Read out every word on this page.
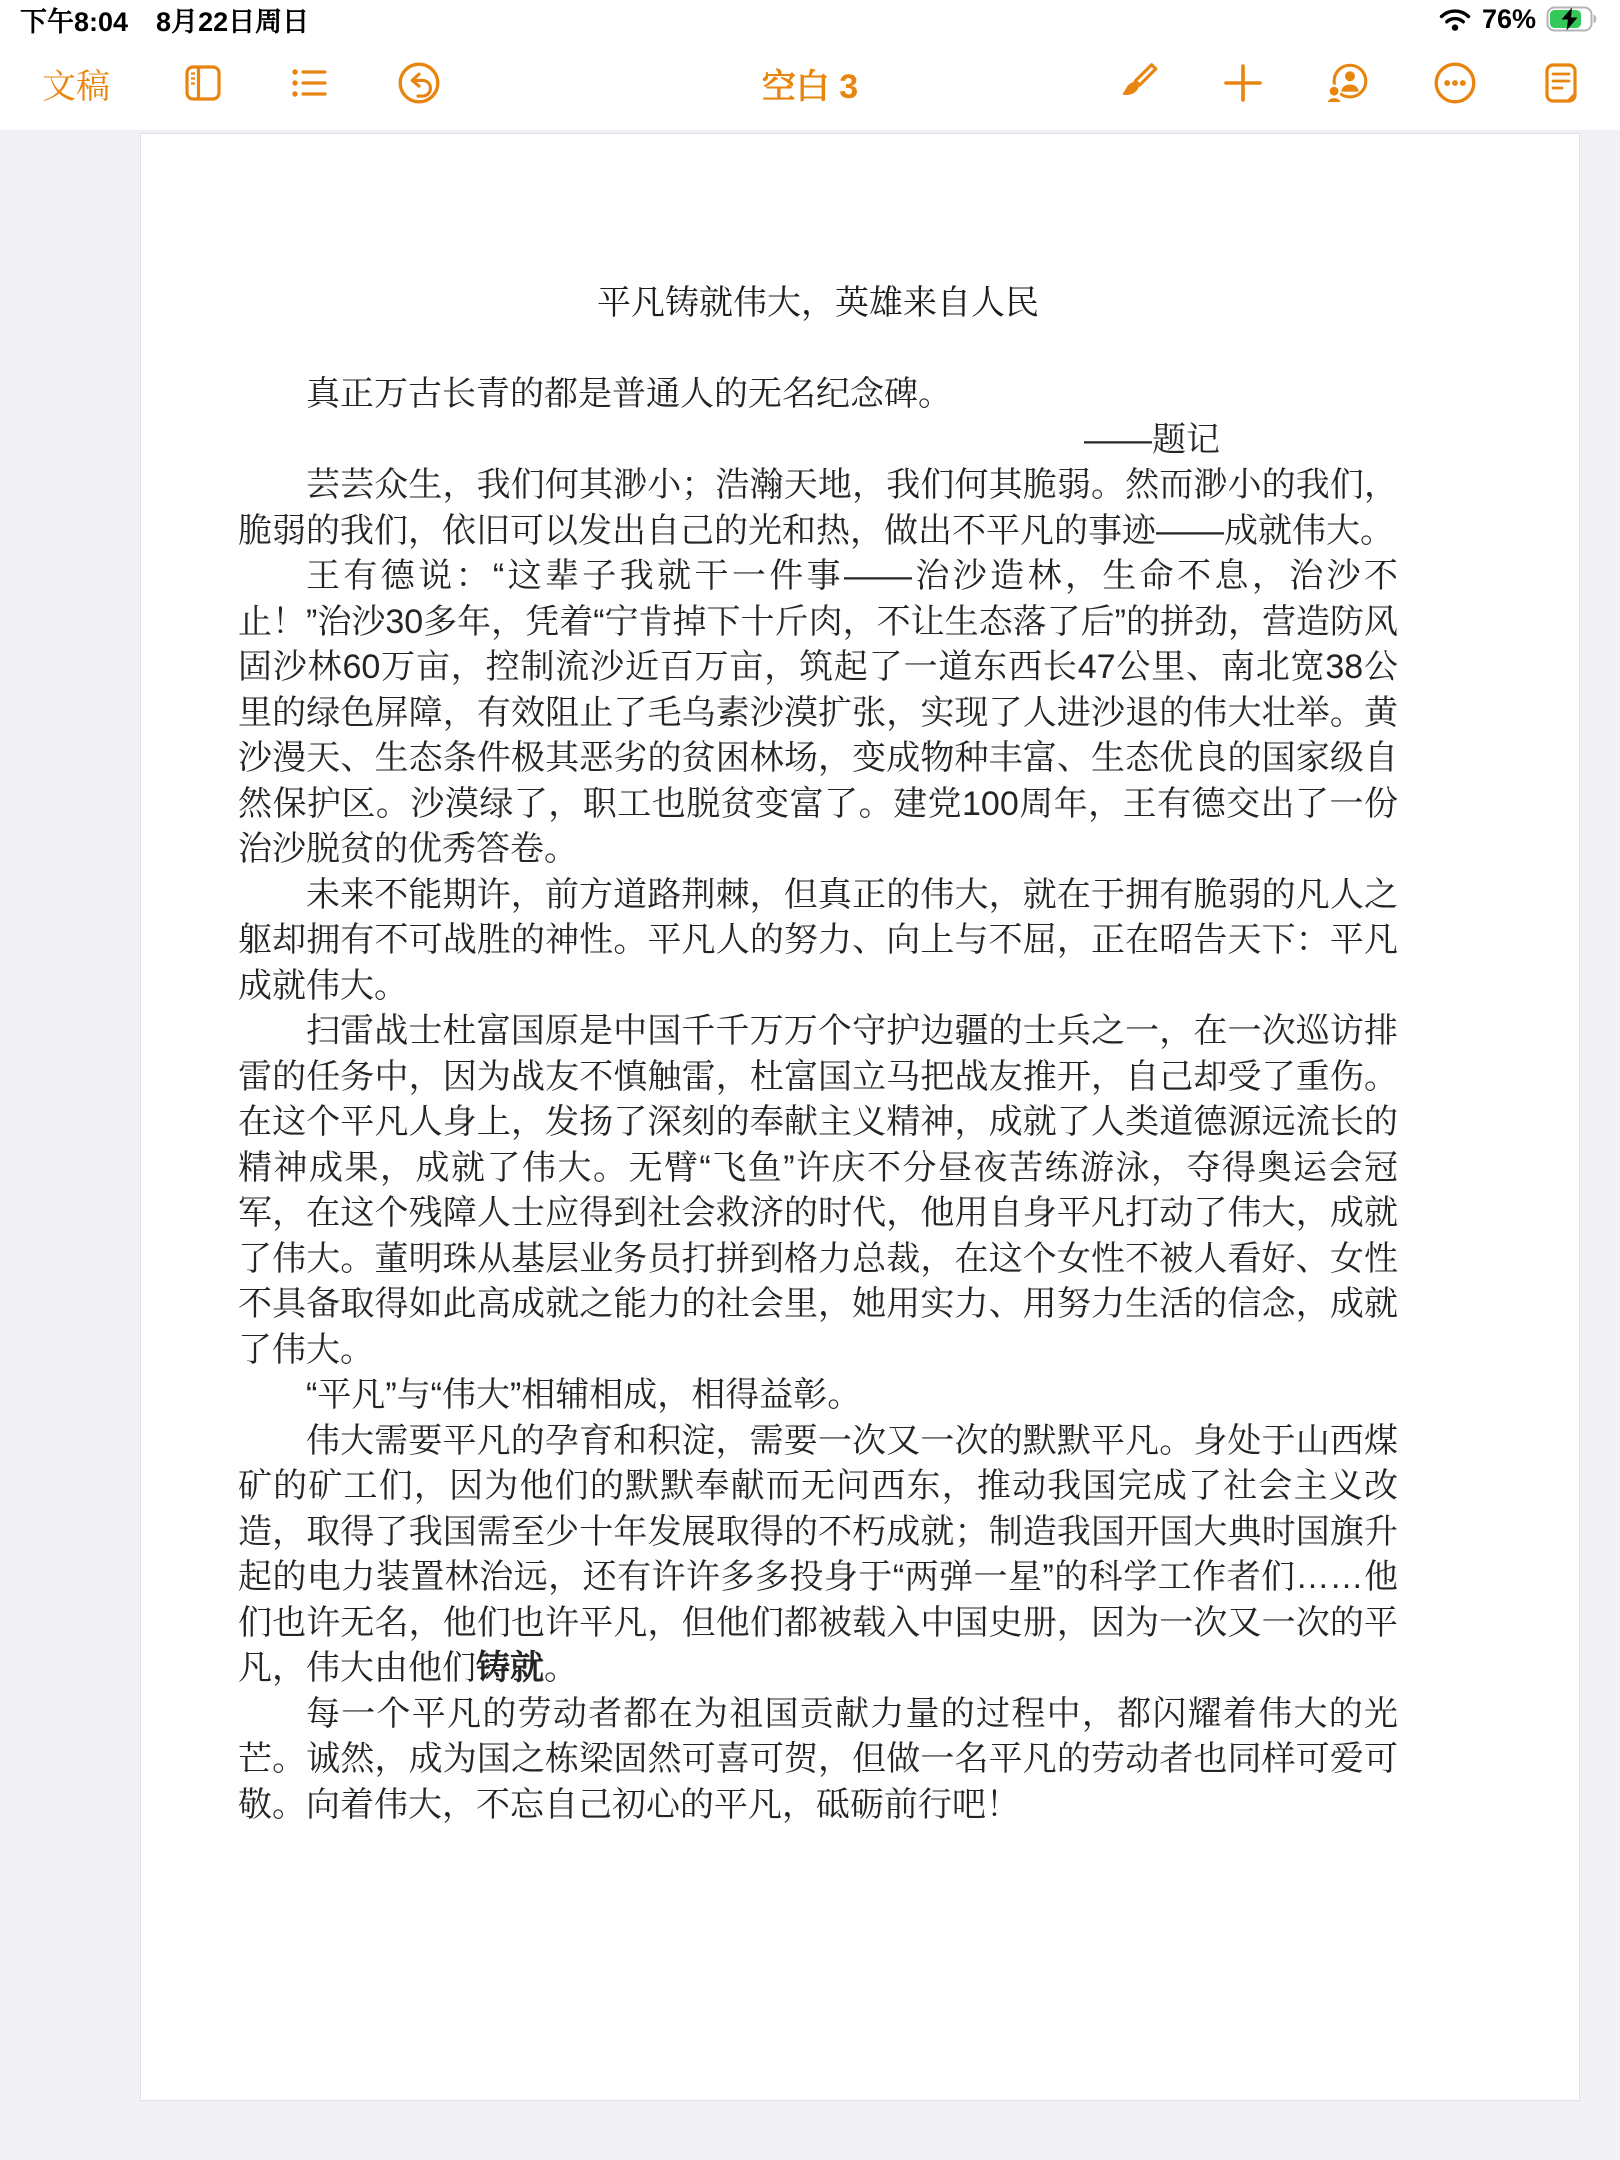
下午8:04 8月22日周日	76%
文稿	空白 3
平凡铸就伟大，英雄来自人民

真正万古长青的都是普通人的无名纪念碑。

——题记

芸芸众生，我们何其渺小；浩瀚天地，我们何其脆弱。然而渺小的我们，脆弱的我们，依旧可以发出自己的光和热，做出不平凡的事迹——成就伟大。

王有德说：“这辈子我就干一件事——治沙造林，生命不息，治沙不止！”治沙30多年，凭着“宁肯掉下十斤肉，不让生态落了后”的拼劲，营造防风固沙林60万亩，控制流沙近百万亩，筑起了一道东西长47公里、南北宽38公里的绿色屏障，有效阻止了毛乌素沙漠扩张，实现了人进沙退的伟大壮举。黄沙漫天、生态条件极其恶劣的贫困林场，变成物种丰富、生态优良的国家级自然保护区。沙漠绿了，职工也脱贫变富了。建党100周年，王有德交出了一份治沙脱贫的优秀答卷。

未来不能期许，前方道路荆棘，但真正的伟大，就在于拥有脆弱的凡人之躯却拥有不可战胜的神性。平凡人的努力、向上与不屈，正在昭告天下：平凡成就伟大。

扫雷战士杜富国原是中国千千万万个守护边疆的士兵之一，在一次巡访排雷的任务中，因为战友不慎触雷，杜富国立马把战友推开，自己却受了重伤。在这个平凡人身上，发扬了深刻的奉献主义精神，成就了人类道德源远流长的精神成果，成就了伟大。无臂“飞鱼”许庆不分昼夜苦练游泳，夺得奥运会冠军，在这个残障人士应得到社会救济的时代，他用自身平凡打动了伟大，成就了伟大。董明珠从基层业务员打拼到格力总裁，在这个女性不被人看好、女性不具备取得如此高成就之能力的社会里，她用实力、用努力生活的信念，成就了伟大。

“平凡”与“伟大”相辅相成，相得益彰。

伟大需要平凡的孕育和积淀，需要一次又一次的默默平凡。身处于山西煤矿的矿工们，因为他们的默默奉献而无问西东，推动我国完成了社会主义改造，取得了我国需至少十年发展取得的不朽成就；制造我国开国大典时国旗升起的电力装置林治远，还有许许多多投身于“两弹一星”的科学工作者们……他们也许无名，他们也许平凡，但他们都被载入中国史册，因为一次又一次的平凡，伟大由他们铸就。

每一个平凡的劳动者都在为祖国贡献力量的过程中，都闪耀着伟大的光芒。诚然，成为国之栋梁固然可喜可贺，但做一名平凡的劳动者也同样可爱可敬。向着伟大，不忘自己初心的平凡，砥砺前行吧！
